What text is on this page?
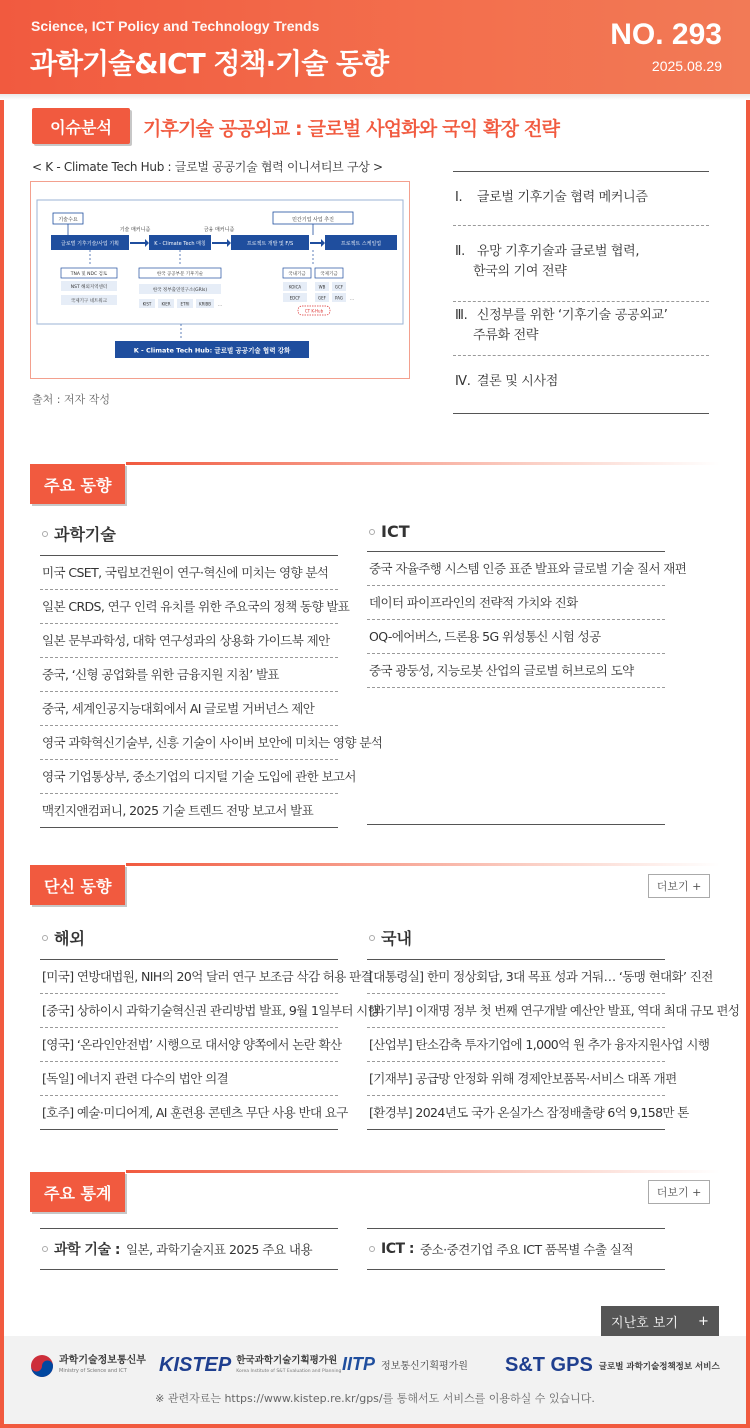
Science, ICT Policy and Technology Trends
과학기술&ICT 정책·기술 동향
NO. 293
2025.08.29
이슈분석	기후기술 공공외교 : 글로벌 사업화와 국익 확장 전략
< K - Climate Tech Hub : 글로벌 공공기술 협력 이니셔티브 구상 >
기술수요	민간기업 사업 추진
기술 매커니즘	금융 매커니즘
글로벌 기후기술/사업 기획	K - Climate Tech 매칭	프로젝트 개발 및 F/S	프로젝트 스케일업
TNA 및 NDC 검토
NST 해외지역센터
국제기구 네트워크
한국 공공부문 기후기술
한국 정부출연연구소(GRIs)
KIST	KIER ETRI KRIBB ...
국내기금	국제기금
KOICA	WB GCF
EDCF	GEF PAG ...
CT K-Hub
K - Climate Tech Hub: 글로벌 공공기술 협력 강화
출처 : 저자 작성
Ⅰ. 글로벌 기후기술 협력 메커니즘
Ⅱ. 유망 기후기술과 글로벌 협력,
한국의 기여 전략
Ⅲ. 신정부를 위한 ‘기후기술 공공외교’
주류화 전략
Ⅳ. 결론 및 시사점
주요 동향
과학기술
미국 CSET, 국립보건원이 연구·혁신에 미치는 영향 분석
일본 CRDS, 연구 인력 유치를 위한 주요국의 정책 동향 발표
일본 문부과학성, 대학 연구성과의 상용화 가이드북 제안
중국, ‘신형 공업화를 위한 금융지원 지침’ 발표
중국, 세계인공지능대회에서 AI 글로벌 거버넌스 제안
영국 과학혁신기술부, 신흥 기술이 사이버 보안에 미치는 영향 분석
영국 기업통상부, 중소기업의 디지털 기술 도입에 관한 보고서
맥킨지앤컴퍼니, 2025 기술 트렌드 전망 보고서 발표
ICT
중국 자율주행 시스템 인증 표준 발표와 글로벌 기술 질서 재편
데이터 파이프라인의 전략적 가치와 진화
OQ-에어버스, 드론용 5G 위성통신 시험 성공
중국 광둥성, 지능로봇 산업의 글로벌 허브로의 도약
단신 동향	더보기 +
해외
[미국] 연방대법원, NIH의 20억 달러 연구 보조금 삭감 허용 판결
[중국] 상하이시 과학기술혁신권 관리방법 발표, 9월 1일부터 시행
[영국] ‘온라인안전법’ 시행으로 대서양 양쪽에서 논란 확산
[독일] 에너지 관련 다수의 법안 의결
[호주] 예술·미디어계, AI 훈련용 콘텐츠 무단 사용 반대 요구
국내
[대통령실] 한미 정상회담, 3대 목표 성과 거둬… ‘동맹 현대화’ 진전
[과기부] 이재명 정부 첫 번째 연구개발 예산안 발표, 역대 최대 규모 편성
[산업부] 탄소감축 투자기업에 1,000억 원 추가 융자지원사업 시행
[기재부] 공급망 안정화 위해 경제안보품목·서비스 대폭 개편
[환경부] 2024년도 국가 온실가스 잠정배출량 6억 9,158만 톤
주요 통계	더보기 +
과학 기술 : 일본, 과학기술지표 2025 주요 내용	ICT : 중소·중견기업 주요 ICT 품목별 수출 실적
지난호 보기 +
과학기술정보통신부
Ministry of Science and ICT	KISTEP 한국과학기술기획평가원
Korea Institute of S&T Evaluation and Planning IITP 정보통신기획평가원 S&T GPS 글로벌 과학기술정책정보 서비스
※ 관련자료는 https://www.kistep.re.kr/gps/를 통해서도 서비스를 이용하실 수 있습니다.
